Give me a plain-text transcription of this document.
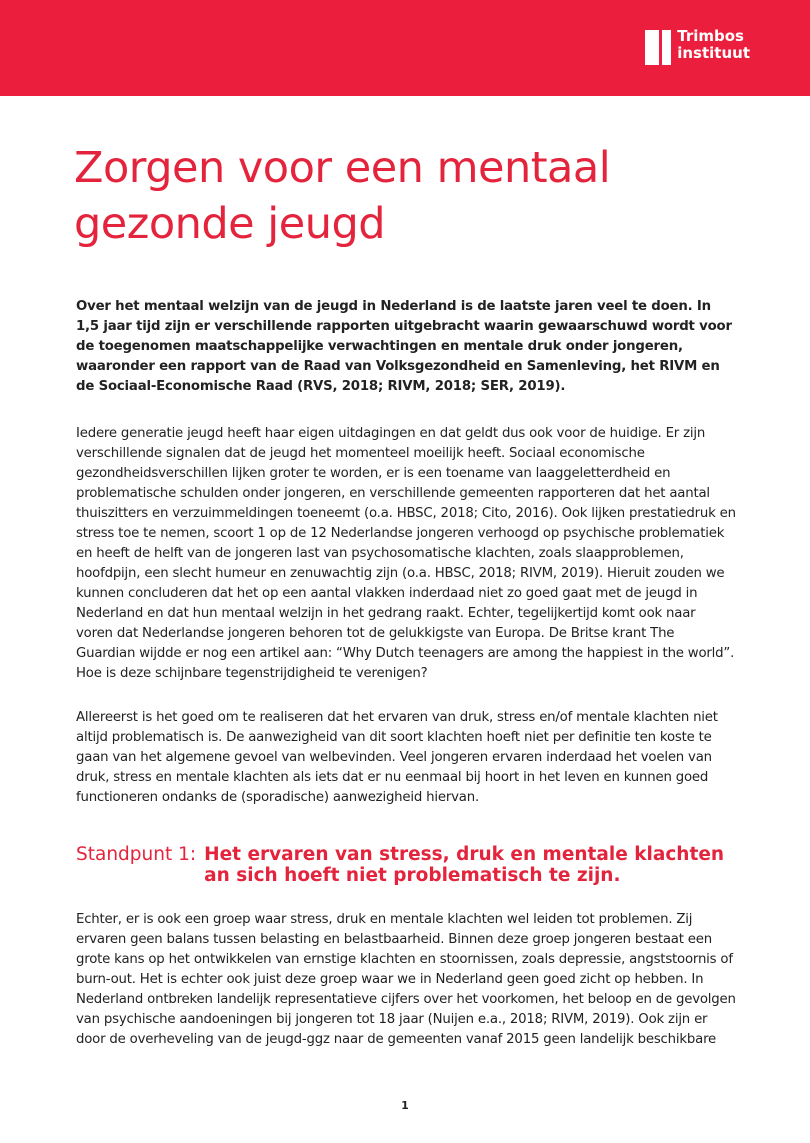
Trimbos
instituut
Zorgen voor een mentaal gezonde jeugd

Over het mentaal welzijn van de jeugd in Nederland is de laatste jaren veel te doen. In 1,5 jaar tijd zijn er verschillende rapporten uitgebracht waarin gewaarschuwd wordt voor de toegenomen maatschappelijke verwachtingen en mentale druk onder jongeren, waaronder een rapport van de Raad van Volksgezondheid en Samenleving, het RIVM en de Sociaal-Economische Raad (RVS, 2018; RIVM, 2018; SER, 2019).

Iedere generatie jeugd heeft haar eigen uitdagingen en dat geldt dus ook voor de huidige. Er zijn verschillende signalen dat de jeugd het momenteel moeilijk heeft. Sociaal economische gezondheidsverschillen lijken groter te worden, er is een toename van laaggeletterdheid en problematische schulden onder jongeren, en verschillende gemeenten rapporteren dat het aantal thuiszitters en verzuimmeldingen toeneemt (o.a. HBSC, 2018; Cito, 2016). Ook lijken prestatiedruk en stress toe te nemen, scoort 1 op de 12 Nederlandse jongeren verhoogd op psychische problematiek en heeft de helft van de jongeren last van psychosomatische klachten, zoals slaapproblemen, hoofdpijn, een slecht humeur en zenuwachtig zijn (o.a. HBSC, 2018; RIVM, 2019). Hieruit zouden we kunnen concluderen dat het op een aantal vlakken inderdaad niet zo goed gaat met de jeugd in Nederland en dat hun mentaal welzijn in het gedrang raakt. Echter, tegelijkertijd komt ook naar voren dat Nederlandse jongeren behoren tot de gelukkigste van Europa. De Britse krant The Guardian wijdde er nog een artikel aan: “Why Dutch teenagers are among the happiest in the world”. Hoe is deze schijnbare tegenstrijdigheid te verenigen?

Allereerst is het goed om te realiseren dat het ervaren van druk, stress en/of mentale klachten niet altijd problematisch is. De aanwezigheid van dit soort klachten hoeft niet per definitie ten koste te gaan van het algemene gevoel van welbevinden. Veel jongeren ervaren inderdaad het voelen van druk, stress en mentale klachten als iets dat er nu eenmaal bij hoort in het leven en kunnen goed functioneren ondanks de (sporadische) aanwezigheid hiervan.

Standpunt 1: Het ervaren van stress, druk en mentale klachten an sich hoeft niet problematisch te zijn.

Echter, er is ook een groep waar stress, druk en mentale klachten wel leiden tot problemen. Zij ervaren geen balans tussen belasting en belastbaarheid. Binnen deze groep jongeren bestaat een grote kans op het ontwikkelen van ernstige klachten en stoornissen, zoals depressie, angststoornis of burn-out. Het is echter ook juist deze groep waar we in Nederland geen goed zicht op hebben. In Nederland ontbreken landelijk representatieve cijfers over het voorkomen, het beloop en de gevolgen van psychische aandoeningen bij jongeren tot 18 jaar (Nuijen e.a., 2018; RIVM, 2019). Ook zijn er door de overheveling van de jeugd-ggz naar de gemeenten vanaf 2015 geen landelijk beschikbare

1
